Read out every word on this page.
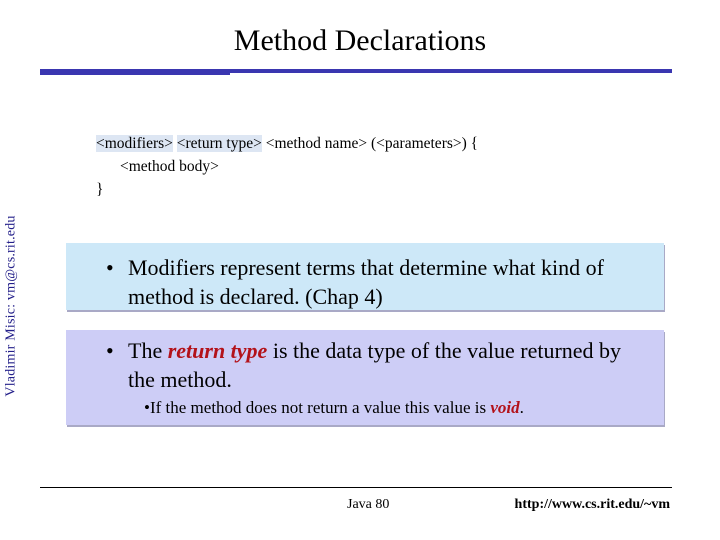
Vladimir Misic: vm@cs.rit.edu
Method Declarations
<modifiers> <return type> <method name> (<parameters>) {
<method body>
}
• Modifiers represent terms that determine what kind of method is declared. (Chap 4)
• The return type is the data type of the value returned by the method.
•If the method does not return a value this value is void.
Java 80	http://www.cs.rit.edu/~vm
